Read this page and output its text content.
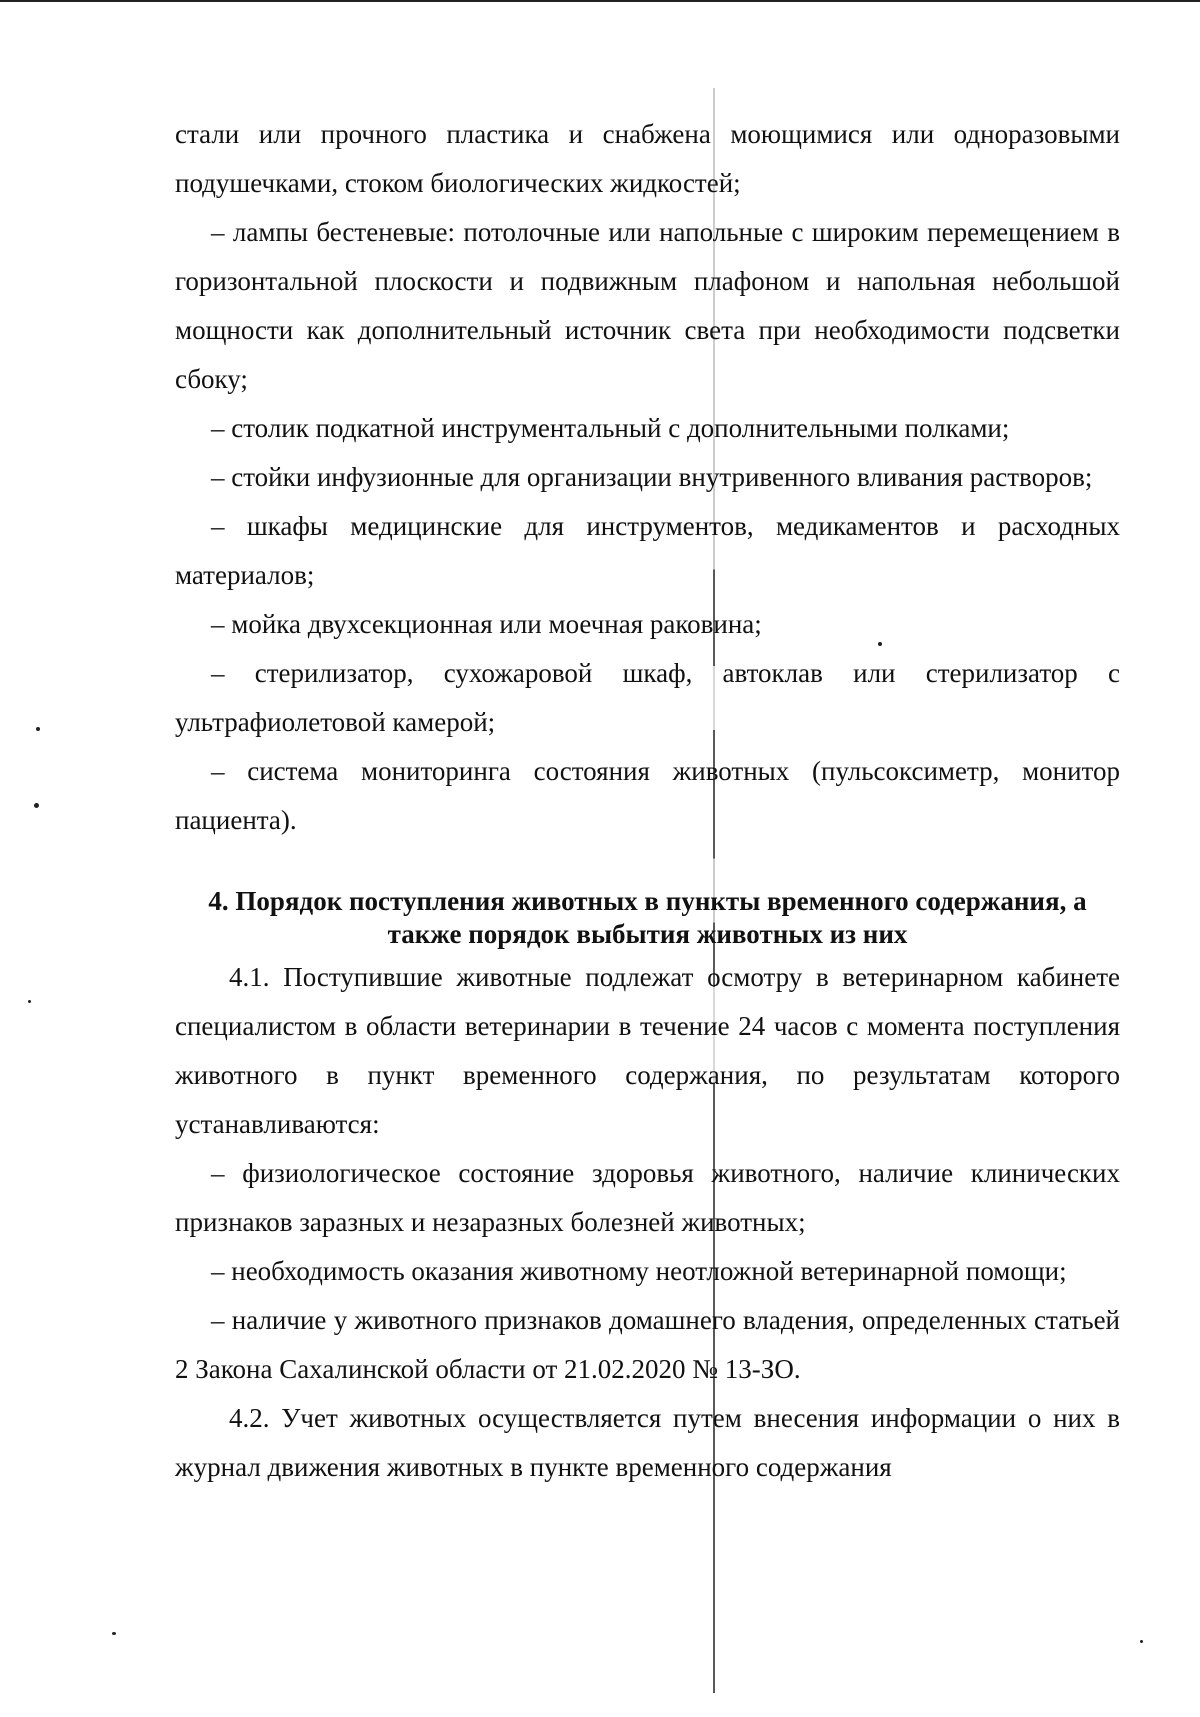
стали или прочного пластика и снабжена моющимися или одноразовыми подушечками, стоком биологических жидкостей;

– лампы бестеневые: потолочные или напольные с широким перемещением в горизонтальной плоскости и подвижным плафоном и напольная небольшой мощности как дополнительный источник света при необходимости подсветки сбоку;

– столик подкатной инструментальный с дополнительными полками;

– стойки инфузионные для организации внутривенного вливания растворов;

– шкафы медицинские для инструментов, медикаментов и расходных материалов;

– мойка двухсекционная или моечная раковина;

– стерилизатор, сухожаровой шкаф, автоклав или стерилизатор с ультрафиолетовой камерой;

– система мониторинга состояния животных (пульсоксиметр, монитор пациента).

4. Порядок поступления животных в пункты временного содержания, а также порядок выбытия животных из них

4.1. Поступившие животные подлежат осмотру в ветеринарном кабинете специалистом в области ветеринарии в течение 24 часов с момента поступления животного в пункт временного содержания, по результатам которого устанавливаются:

– физиологическое состояние здоровья животного, наличие клинических признаков заразных и незаразных болезней животных;

– необходимость оказания животному неотложной ветеринарной помощи;

– наличие у животного признаков домашнего владения, определенных статьей 2 Закона Сахалинской области от 21.02.2020 № 13-ЗО.

4.2. Учет животных осуществляется путем внесения информации о них в журнал движения животных в пункте временного содержания
